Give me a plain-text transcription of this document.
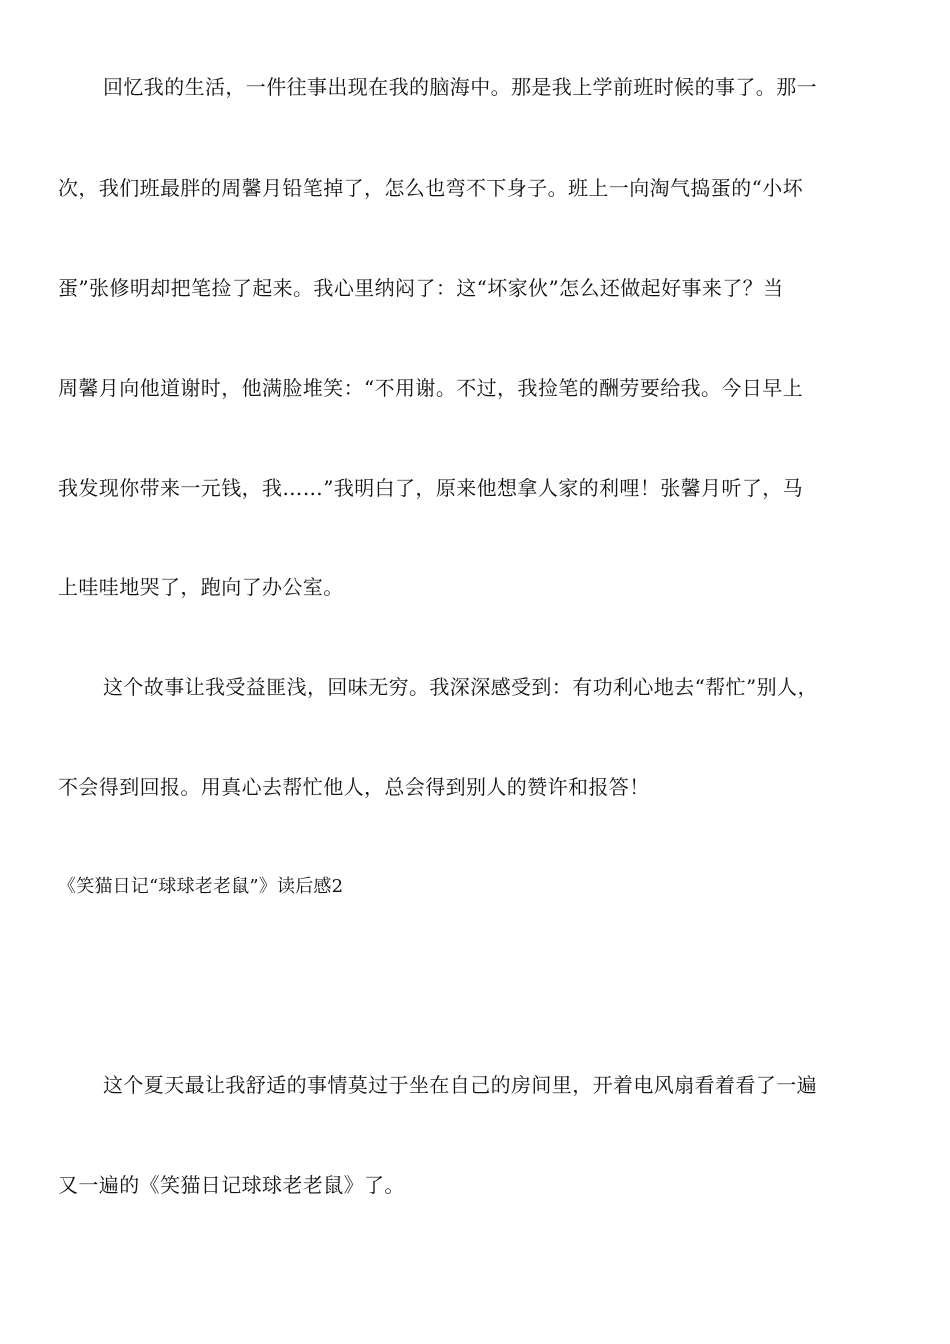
回忆我的生活，一件往事出现在我的脑海中。那是我上学前班时候的事了。那一
次，我们班最胖的周馨月铅笔掉了，怎么也弯不下身子。班上一向淘气捣蛋的“小坏
蛋”张修明却把笔捡了起来。我心里纳闷了：这“坏家伙”怎么还做起好事来了？当
周馨月向他道谢时，他满脸堆笑：“不用谢。不过，我捡笔的酬劳要给我。今日早上
我发现你带来一元钱，我……”我明白了，原来他想拿人家的利哩！张馨月听了，马
上哇哇地哭了，跑向了办公室。
这个故事让我受益匪浅，回味无穷。我深深感受到：有功利心地去“帮忙”别人，
不会得到回报。用真心去帮忙他人，总会得到别人的赞许和报答！
《笑猫日记“球球老老鼠”》读后感2
这个夏天最让我舒适的事情莫过于坐在自己的房间里，开着电风扇看着看了一遍
又一遍的《笑猫日记球球老老鼠》了。
